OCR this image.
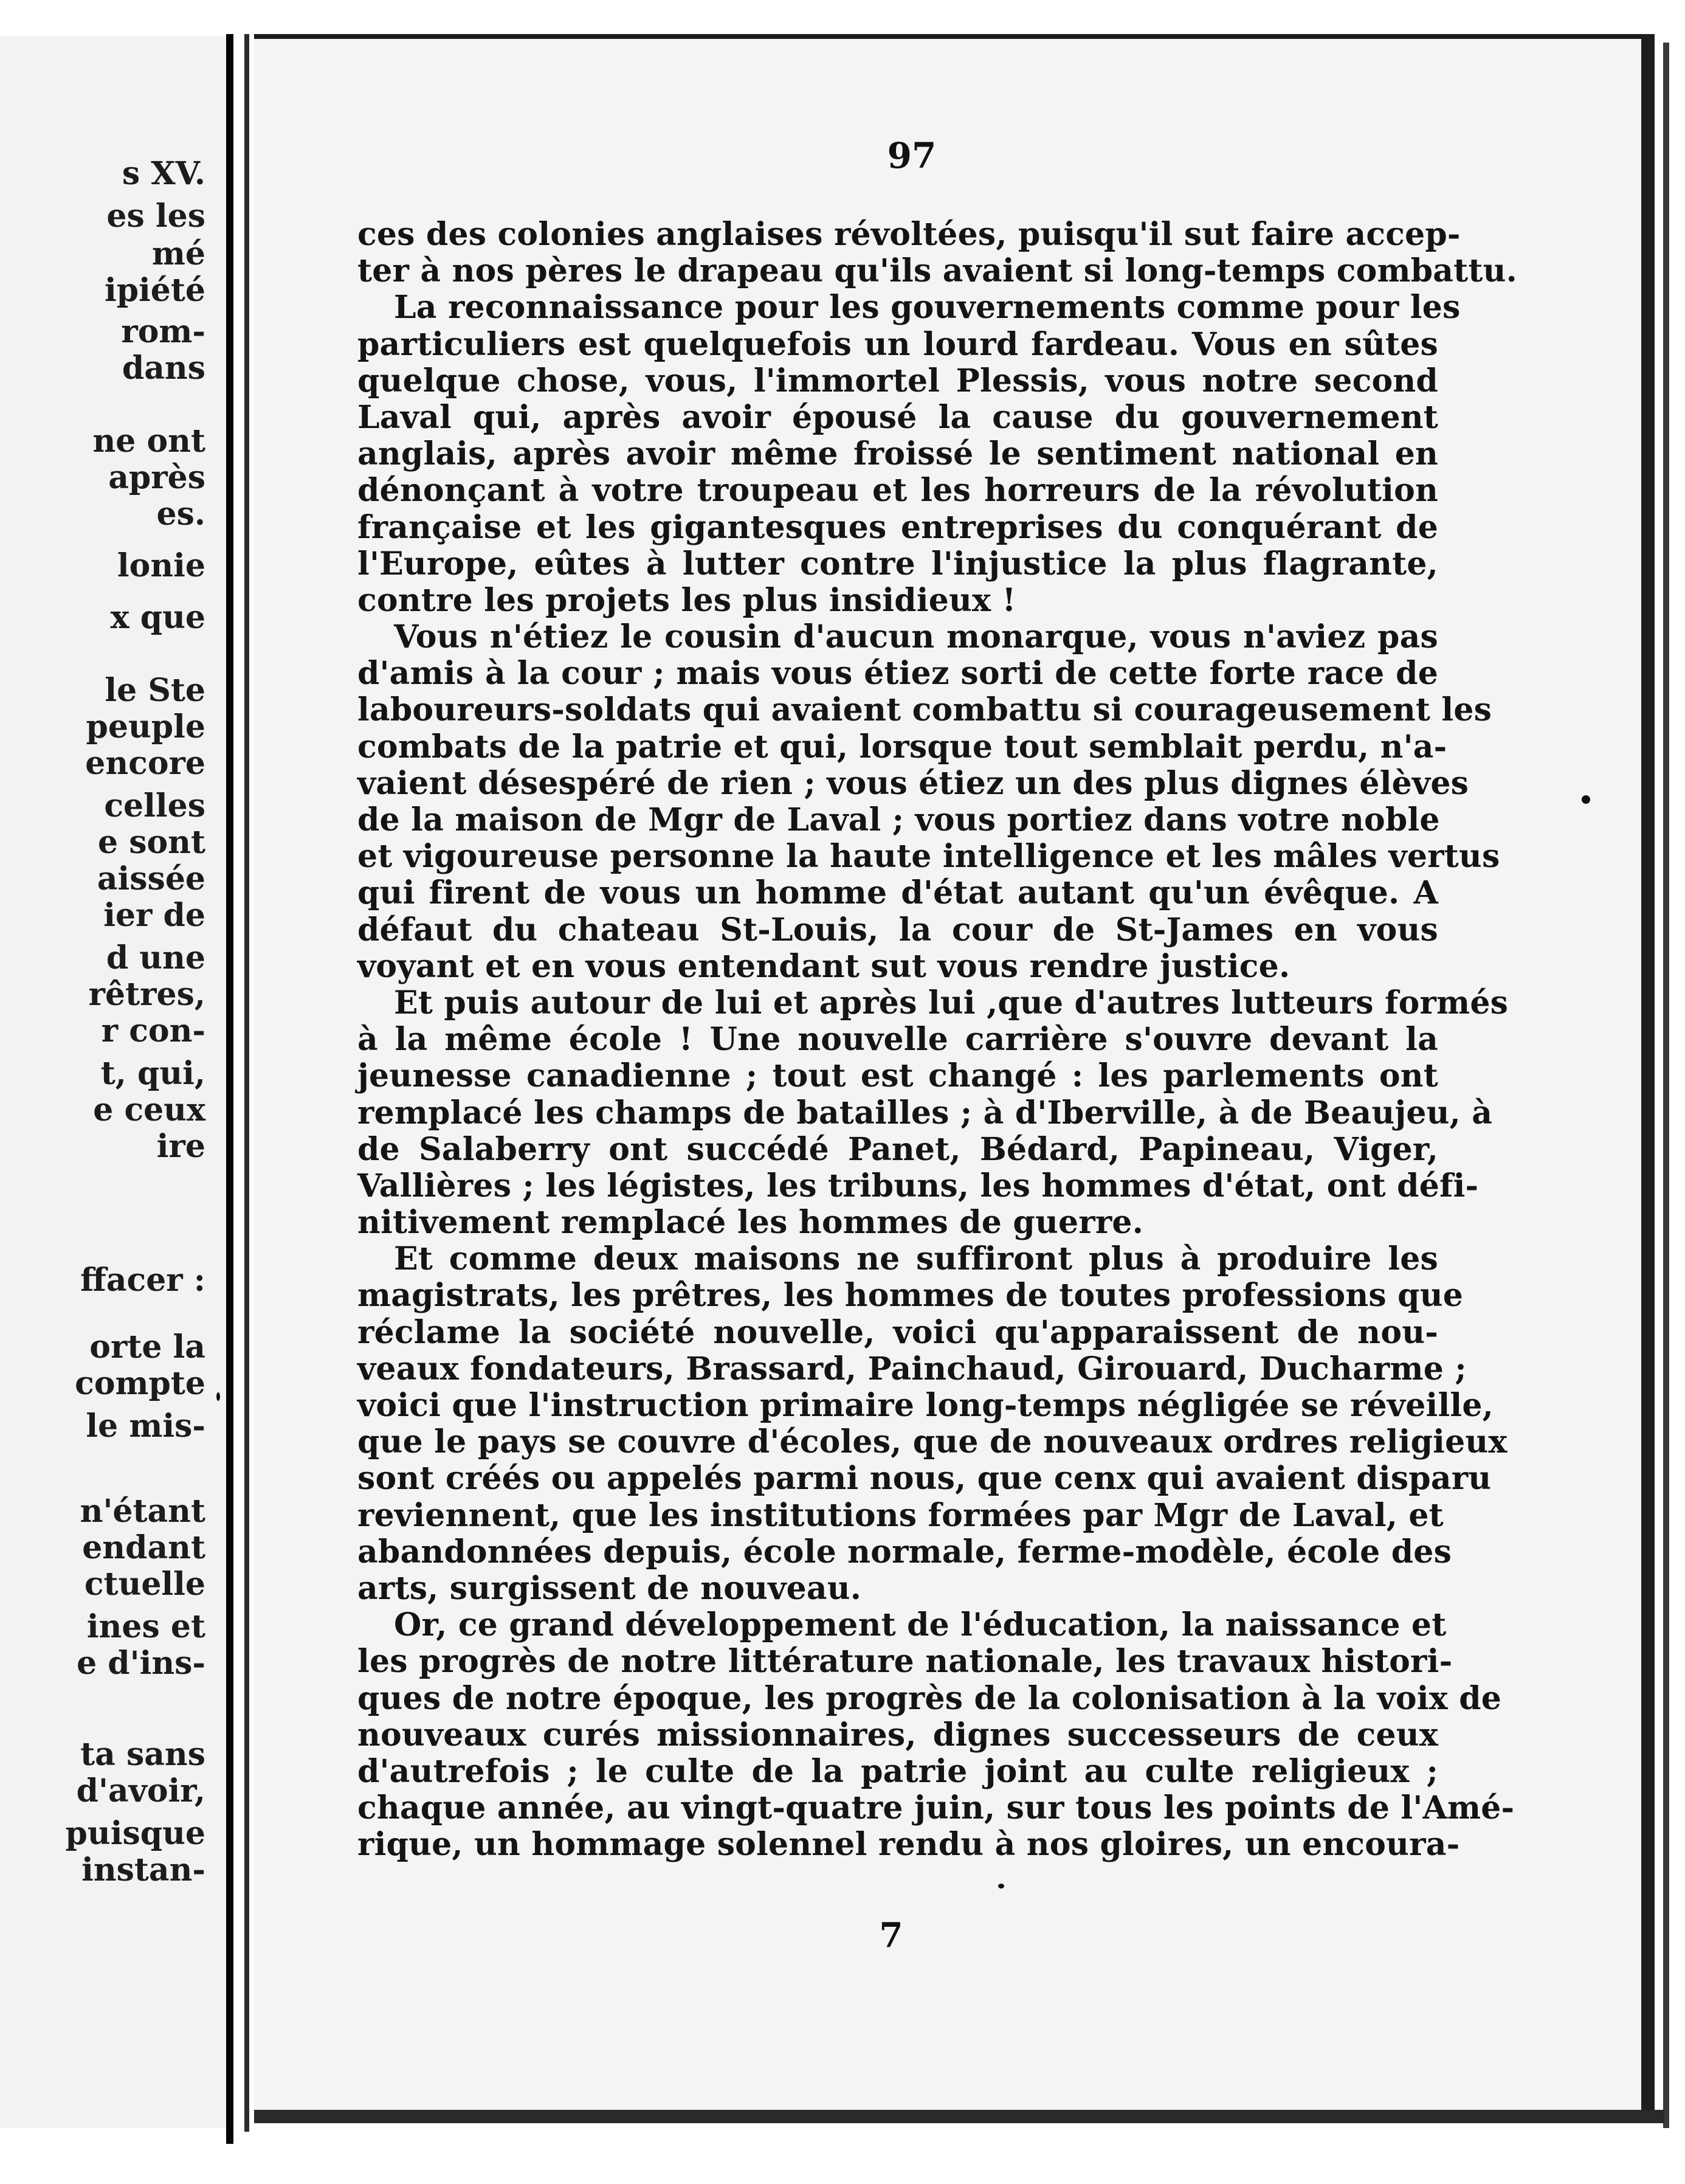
s XV.
es les
mé
ipiété
rom-
dans
ne ont
après
es.
lonie
x que
le Ste
peuple
encore
celles
e sont
aissée
ier de
d une
rêtres,
r con-
t, qui,
e ceux
ire
ffacer :
orte la
compte
le mis-
n'étant
endant
ctuelle
ines et
e d'ins-
ta sans
d'avoir,
puisque
instan-
97
ces des colonies anglaises révoltées, puisqu'il sut faire accep-
ter à nos pères le drapeau qu'ils avaient si long-temps combattu.
La reconnaissance pour les gouvernements comme pour les
particuliers est quelquefois un lourd fardeau. Vous en sûtes
quelque chose, vous, l'immortel Plessis, vous notre second
Laval qui, après avoir épousé la cause du gouvernement
anglais, après avoir même froissé le sentiment national en
dénonçant à votre troupeau et les horreurs de la révolution
française et les gigantesques entreprises du conquérant de
l'Europe, eûtes à lutter contre l'injustice la plus flagrante,
contre les projets les plus insidieux !
Vous n'étiez le cousin d'aucun monarque, vous n'aviez pas
d'amis à la cour ; mais vous étiez sorti de cette forte race de
laboureurs-soldats qui avaient combattu si courageusement les
combats de la patrie et qui, lorsque tout semblait perdu, n'a-
vaient désespéré de rien ; vous étiez un des plus dignes élèves
de la maison de Mgr de Laval ; vous portiez dans votre noble
et vigoureuse personne la haute intelligence et les mâles vertus
qui firent de vous un homme d'état autant qu'un évêque. A
défaut du chateau St-Louis, la cour de St-James en vous
voyant et en vous entendant sut vous rendre justice.
Et puis autour de lui et après lui ,que d'autres lutteurs formés
à la même école ! Une nouvelle carrière s'ouvre devant la
jeunesse canadienne ; tout est changé : les parlements ont
remplacé les champs de batailles ; à d'Iberville, à de Beaujeu, à
de Salaberry ont succédé Panet, Bédard, Papineau, Viger,
Vallières ; les légistes, les tribuns, les hommes d'état, ont défi-
nitivement remplacé les hommes de guerre.
Et comme deux maisons ne suffiront plus à produire les
magistrats, les prêtres, les hommes de toutes professions que
réclame la société nouvelle, voici qu'apparaissent de nou-
veaux fondateurs, Brassard, Painchaud, Girouard, Ducharme ;
voici que l'instruction primaire long-temps négligée se réveille,
que le pays se couvre d'écoles, que de nouveaux ordres religieux
sont créés ou appelés parmi nous, que cenx qui avaient disparu
reviennent, que les institutions formées par Mgr de Laval, et
abandonnées depuis, école normale, ferme-modèle, école des
arts, surgissent de nouveau.
Or, ce grand développement de l'éducation, la naissance et
les progrès de notre littérature nationale, les travaux histori-
ques de notre époque, les progrès de la colonisation à la voix de
nouveaux curés missionnaires, dignes successeurs de ceux
d'autrefois ; le culte de la patrie joint au culte religieux ;
chaque année, au vingt-quatre juin, sur tous les points de l'Amé-
rique, un hommage solennel rendu à nos gloires, un encoura-
7
